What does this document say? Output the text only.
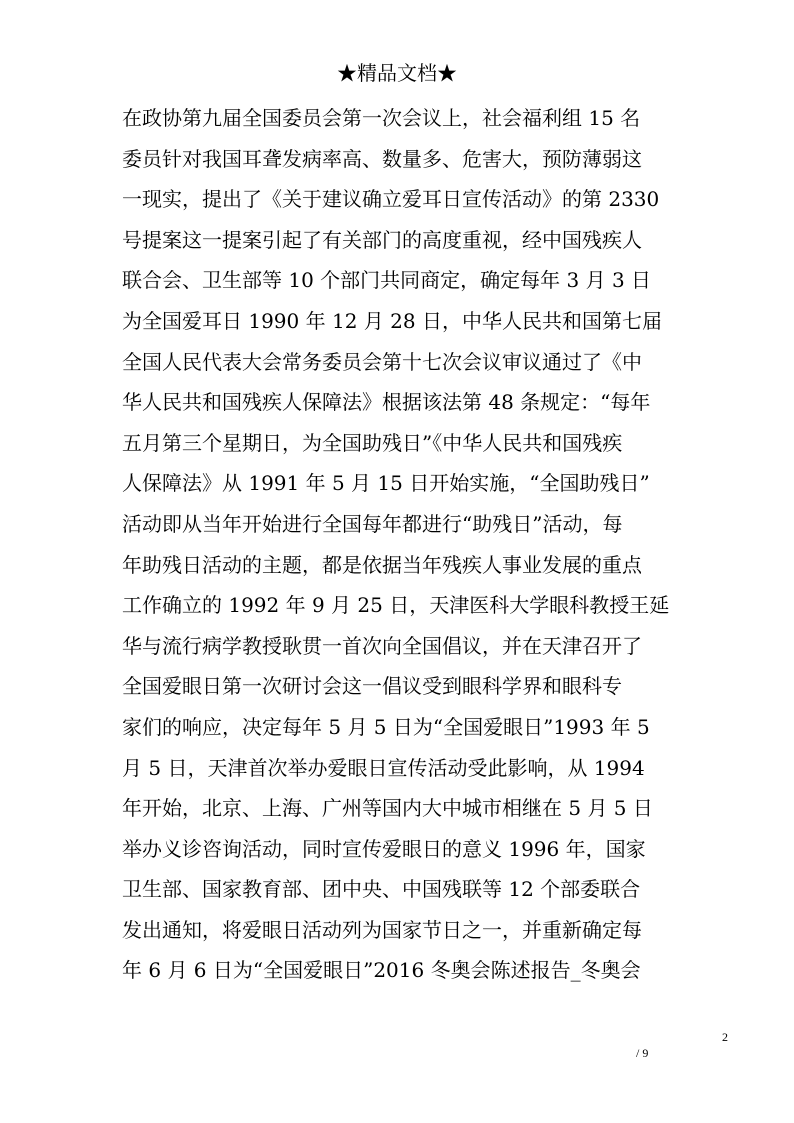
★精品文档★
在政协第九届全国委员会第一次会议上，社会福利组 15 名
委员针对我国耳聋发病率高、数量多、危害大，预防薄弱这
一现实，提出了《关于建议确立爱耳日宣传活动》的第 2330
号提案这一提案引起了有关部门的高度重视，经中国残疾人
联合会、卫生部等 10 个部门共同商定，确定每年 3 月 3 日
为全国爱耳日 1990 年 12 月 28 日，中华人民共和国第七届
全国人民代表大会常务委员会第十七次会议审议通过了《中
华人民共和国残疾人保障法》根据该法第 48 条规定：“每年
五月第三个星期日，为全国助残日”《中华人民共和国残疾
人保障法》从 1991 年 5 月 15 日开始实施，“全国助残日”
活动即从当年开始进行全国每年都进行“助残日”活动，每
年助残日活动的主题，都是依据当年残疾人事业发展的重点
工作确立的 1992 年 9 月 25 日，天津医科大学眼科教授王延
华与流行病学教授耿贯一首次向全国倡议，并在天津召开了
全国爱眼日第一次研讨会这一倡议受到眼科学界和眼科专
家们的响应，决定每年 5 月 5 日为“全国爱眼日”1993 年 5
月 5 日，天津首次举办爱眼日宣传活动受此影响，从 1994
年开始，北京、上海、广州等国内大中城市相继在 5 月 5 日
举办义诊咨询活动，同时宣传爱眼日的意义 1996 年，国家
卫生部、国家教育部、团中央、中国残联等 12 个部委联合
发出通知，将爱眼日活动列为国家节日之一，并重新确定每
年 6 月 6 日为“全国爱眼日”2016 冬奥会陈述报告_冬奥会
2
/ 9
